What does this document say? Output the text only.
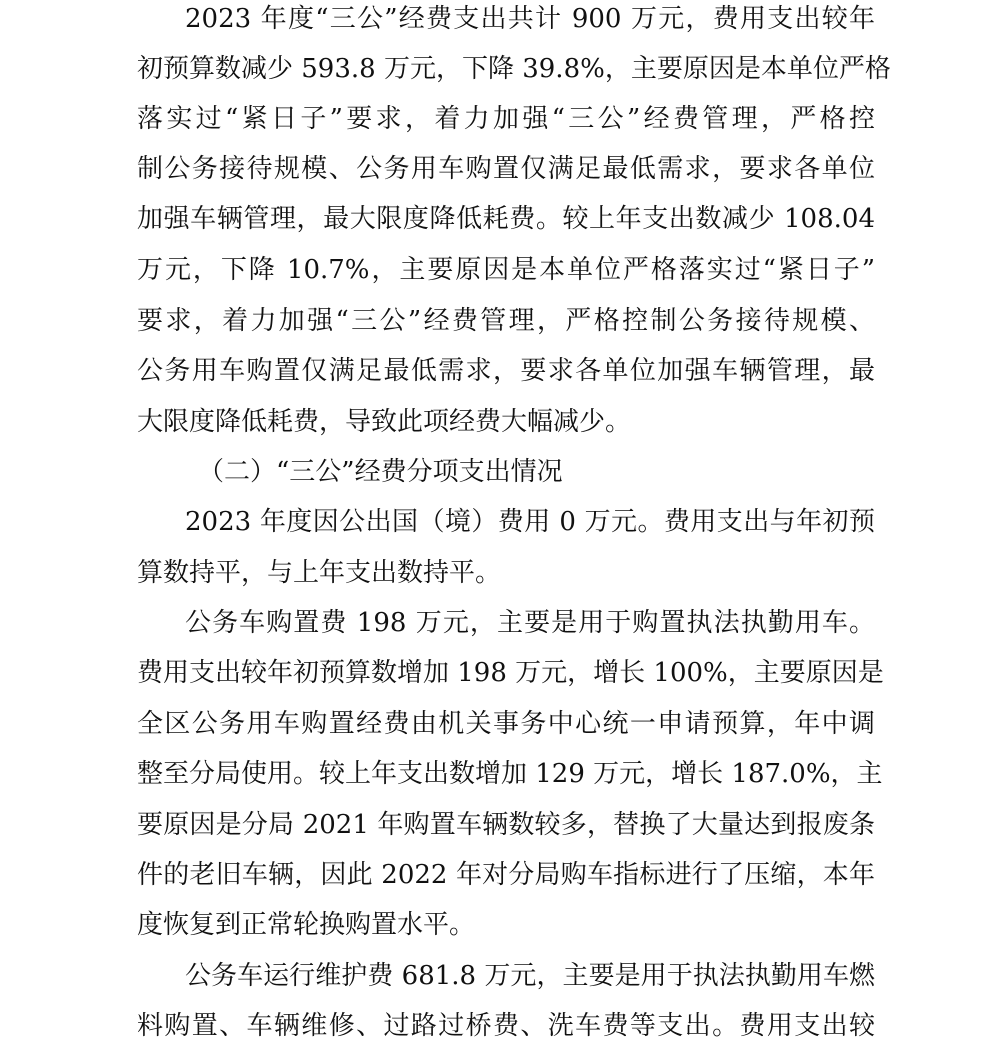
2023 年度“三公”经费支出共计 900 万元，费用支出较年
初预算数减少 593.8 万元，下降 39.8%，主要原因是本单位严格
落实过“紧日子”要求，着力加强“三公”经费管理，严格控
制公务接待规模、公务用车购置仅满足最低需求，要求各单位
加强车辆管理，最大限度降低耗费。较上年支出数减少 108.04
万元，下降 10.7%，主要原因是本单位严格落实过“紧日子”
要求，着力加强“三公”经费管理，严格控制公务接待规模、
公务用车购置仅满足最低需求，要求各单位加强车辆管理，最
大限度降低耗费，导致此项经费大幅减少。
（二）“三公”经费分项支出情况
2023 年度因公出国（境）费用 0 万元。费用支出与年初预
算数持平，与上年支出数持平。
公务车购置费 198 万元，主要是用于购置执法执勤用车。
费用支出较年初预算数增加 198 万元，增长 100%，主要原因是
全区公务用车购置经费由机关事务中心统一申请预算，年中调
整至分局使用。较上年支出数增加 129 万元，增长 187.0%，主
要原因是分局 2021 年购置车辆数较多，替换了大量达到报废条
件的老旧车辆，因此 2022 年对分局购车指标进行了压缩，本年
度恢复到正常轮换购置水平。
公务车运行维护费 681.8 万元，主要是用于执法执勤用车燃
料购置、车辆维修、过路过桥费、洗车费等支出。费用支出较
